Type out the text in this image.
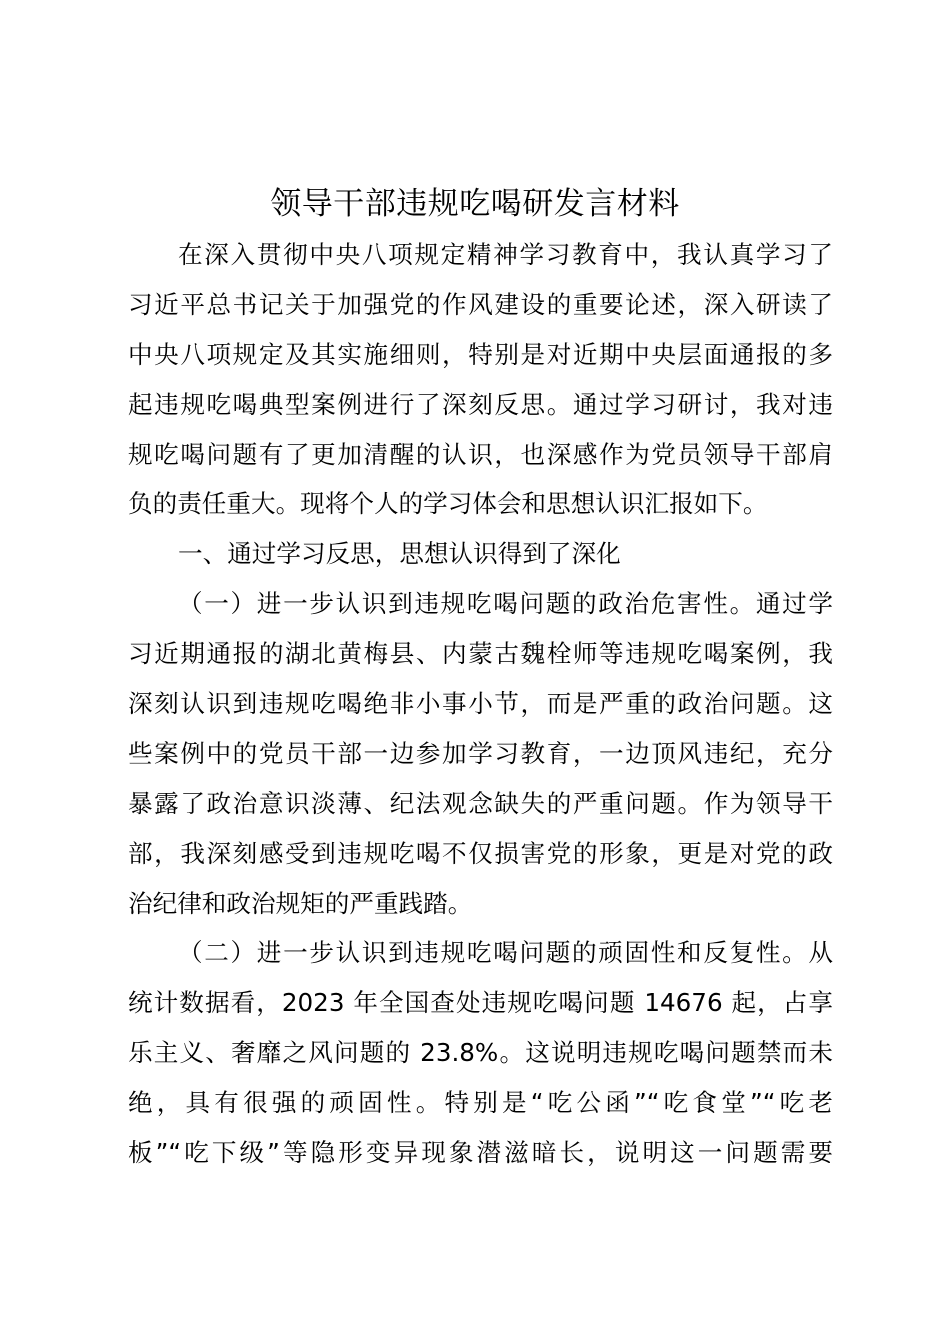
领导干部违规吃喝研发言材料
在深入贯彻中央八项规定精神学习教育中，我认真学习了
习近平总书记关于加强党的作风建设的重要论述，深入研读了
中央八项规定及其实施细则，特别是对近期中央层面通报的多
起违规吃喝典型案例进行了深刻反思。通过学习研讨，我对违
规吃喝问题有了更加清醒的认识，也深感作为党员领导干部肩
负的责任重大。现将个人的学习体会和思想认识汇报如下。
一、通过学习反思，思想认识得到了深化
（一）进一步认识到违规吃喝问题的政治危害性。通过学
习近期通报的湖北黄梅县、内蒙古魏栓师等违规吃喝案例，我
深刻认识到违规吃喝绝非小事小节，而是严重的政治问题。这
些案例中的党员干部一边参加学习教育，一边顶风违纪，充分
暴露了政治意识淡薄、纪法观念缺失的严重问题。作为领导干
部，我深刻感受到违规吃喝不仅损害党的形象，更是对党的政
治纪律和政治规矩的严重践踏。
（二）进一步认识到违规吃喝问题的顽固性和反复性。从
统计数据看，2023 年全国查处违规吃喝问题 14676 起，占享
乐主义、奢靡之风问题的 23.8%。这说明违规吃喝问题禁而未
绝，具有很强的顽固性。特别是“吃公函”“吃食堂”“吃老
板”“吃下级”等隐形变异现象潜滋暗长，说明这一问题需要
